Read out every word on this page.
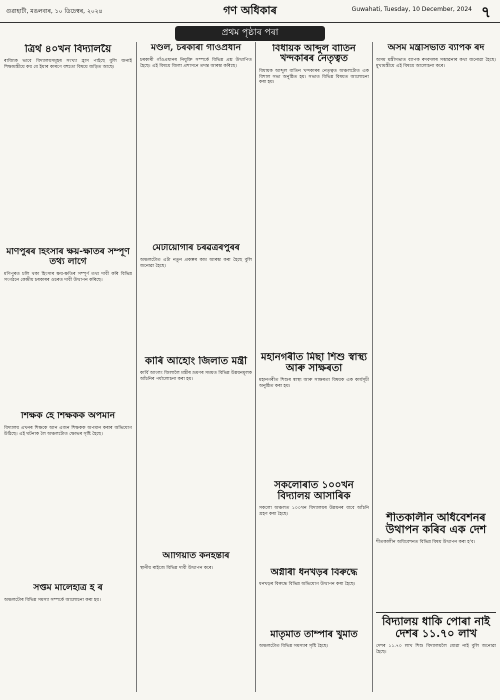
গুৱাহাটী, মঙলবাৰ, ১০ ডিচেম্বৰ, ২০২৪	গণ অধিকাৰ	Guwahati, Tuesday, 10 December, 2024 ৭
প্ৰথম পৃষ্ঠাৰ পৰা
ত্ৰিৰ্থ ৪০খন বিদ্যালয়ৈ
ৰাজ্যিক ভাবে বিদ্যালয়সমূহৰ সংখ্যা হ্ৰাস পাইছে বুলি জনাই শিক্ষামন্ত্ৰীয়ে কয় যে ইয়াৰ কাৰণে বহুতো বিষয়ে জড়িত আছে।
মণিপুৰৰ হিংসাৰ ক্ষয়-ক্ষতিৰ সম্পূৰ্ণ তথ্য লাগে
মণিপুৰত চলি থকা হিংসাৰ ক্ষয়-ক্ষতিৰ সম্পূৰ্ণ তথ্য দাবী কৰি বিভিন্ন সংগঠনে কেন্দ্ৰীয় চৰকাৰৰ ওচৰত দাবী উত্থাপন কৰিছে।
শিক্ষক হৈ শিক্ষকক অপমান
বিদ্যালয় এখনৰ শিক্ষকে আন এজন শিক্ষকক অপমান কৰাৰ অভিযোগ উঠিছে। এই ঘটনাক লৈ অঞ্চলটোত ক্ষোভৰ সৃষ্টি হৈছে।
সপ্তম মালেহাত্ৰ ই ৰ
অঞ্চলটোৰ বিভিন্ন সমস্যা সম্পৰ্কে আলোচনা কৰা হয়।
মণ্ডল, চৰকাৰী গাঁওপ্ৰধান
চৰকাৰী গাঁওপ্ৰধানৰ নিযুক্তি সম্পৰ্কে বিভিন্ন প্ৰশ্ন উত্থাপিত হৈছে। এই বিষয়ে জিলা প্ৰশাসনে তদন্ত আৰম্ভ কৰিছে।
মেটীয়োগাৰ চৰৱত্ৰৰপুৰৰ
অঞ্চলটোত এটা নতুন প্ৰকল্পৰ কাম আৰম্ভ কৰা হৈছে বুলি জনোৱা হৈছে।
কাৰি আহোং জিলাত মন্ত্ৰী
কাৰ্বি আংলং জিলালৈ মন্ত্ৰীৰ ভ্ৰমণৰ সময়ত বিভিন্ন উন্নয়নমূলক আঁচনিৰ পৰ্যালোচনা কৰা হয়।
আগিয়াত কনহন্তীৰ
স্থানীয় ৰাইজে বিভিন্ন দাবী উত্থাপন কৰে।
বিধায়ক আব্দুল বাতিন খন্দকাৰৰ নেতৃত্বত
বিধায়ক আব্দুল বাতিন খন্দকাৰৰ নেতৃত্বত অঞ্চলটোত এক বিশাল সভা অনুষ্ঠিত হয়। সভাত বিভিন্ন বিষয়ত আলোচনা কৰা হয়।
মহানগৰীত মিছা শিশু স্বাস্থ্য আৰু সাক্ষৰতা
মহানগৰীত শিশুৰ স্বাস্থ্য আৰু সাক্ষৰতা বিষয়ক এক কাৰ্যসূচী অনুষ্ঠিত কৰা হয়।
সকলোৰাত ১০০খন বিদ্যালয় আসাৰিক
সকলো অঞ্চলত ১০০খন বিদ্যালয়ৰ উন্নয়নৰ বাবে আঁচনি গ্ৰহণ কৰা হৈছে।
অগ্নীৰী ধনখড়ৰ বিৰুদ্ধে
ধনখড়ৰ বিৰুদ্ধে বিভিন্ন অভিযোগ উত্থাপন কৰা হৈছে।
মাতৃমাত তাম্পাৰ খুমাত
অঞ্চলটোত বিভিন্ন সমস্যাৰ সৃষ্টি হৈছে।
অসম মন্ত্ৰীসভাত ব্যাপক ৰদ
অসম মন্ত্ৰীসভাত ব্যাপক ৰদবদলৰ সম্ভাৱনাৰ কথা জনোৱা হৈছে। মুখ্যমন্ত্ৰীয়ে এই বিষয়ে আলোচনা কৰে।
শীতকালীন অধিবেশনৰ উথাপন কৰিব এক দেশ
শীতকালীন অধিবেশনত বিভিন্ন বিষয় উত্থাপন কৰা হ'ব।
বিদ্যালয় ধাকি পোৰা নাই দেশৰ ১১.৭০ লাখ
দেশৰ ১১.৭০ লাখ শিশু বিদ্যালয়লৈ যোৱা নাই বুলি জনোৱা হৈছে।
